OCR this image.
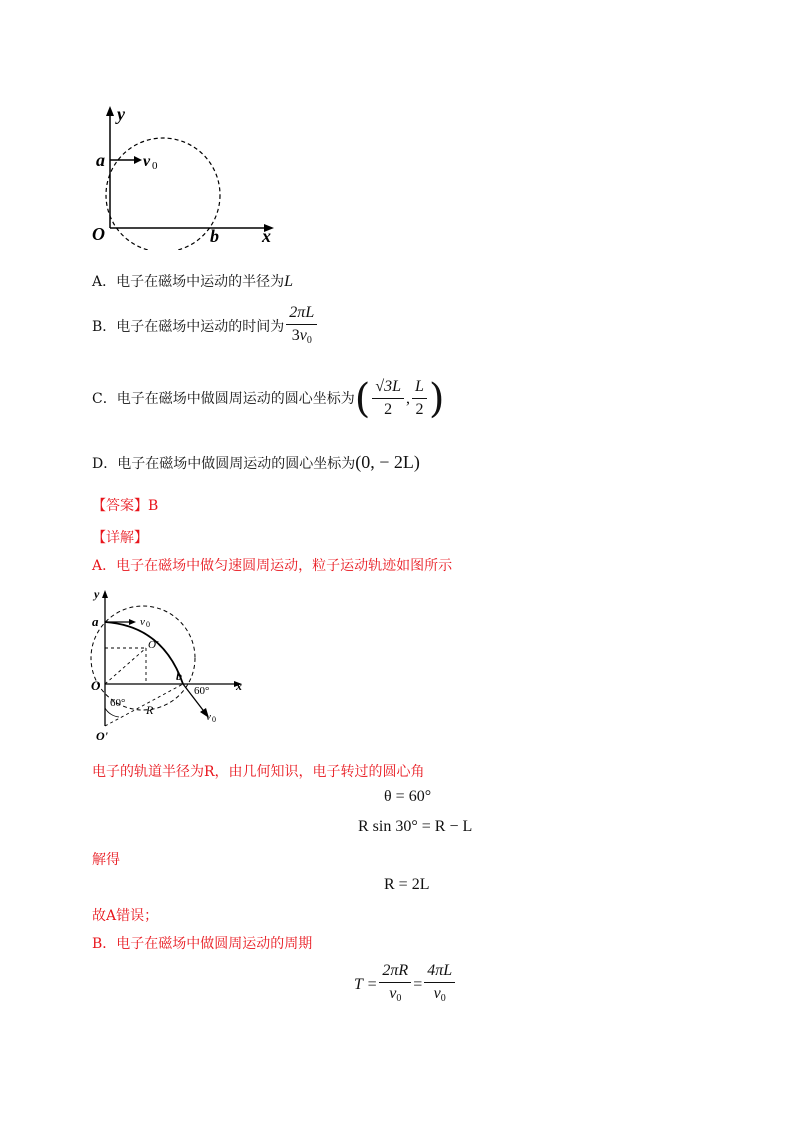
y
x
O
a
b
v 0
A．电子在磁场中运动的半径为L
B．电子在磁场中运动的时间为 $\frac{2\pi L}{3v_0}$
C．电子在磁场中做圆周运动的圆心坐标为 ( $\frac{√3L}{2}$ , $\frac{L}{2}$ )
D．电子在磁场中做圆周运动的圆心坐标为(0, − 2L)
【答案】B
【详解】
A．电子在磁场中做匀速圆周运动，粒子运动轨迹如图所示
y
x
O
a
b
v 0
v 0
O′
60°
60° R
O'
电子的轨道半径为R，由几何知识，电子转过的圆心角
θ = 60°
R sin 30° = R − L
解得
R = 2L
故A错误；
B．电子在磁场中做圆周运动的周期
$T = \frac{2\pi R}{v_0} = \frac{4\pi L}{v_0}$
